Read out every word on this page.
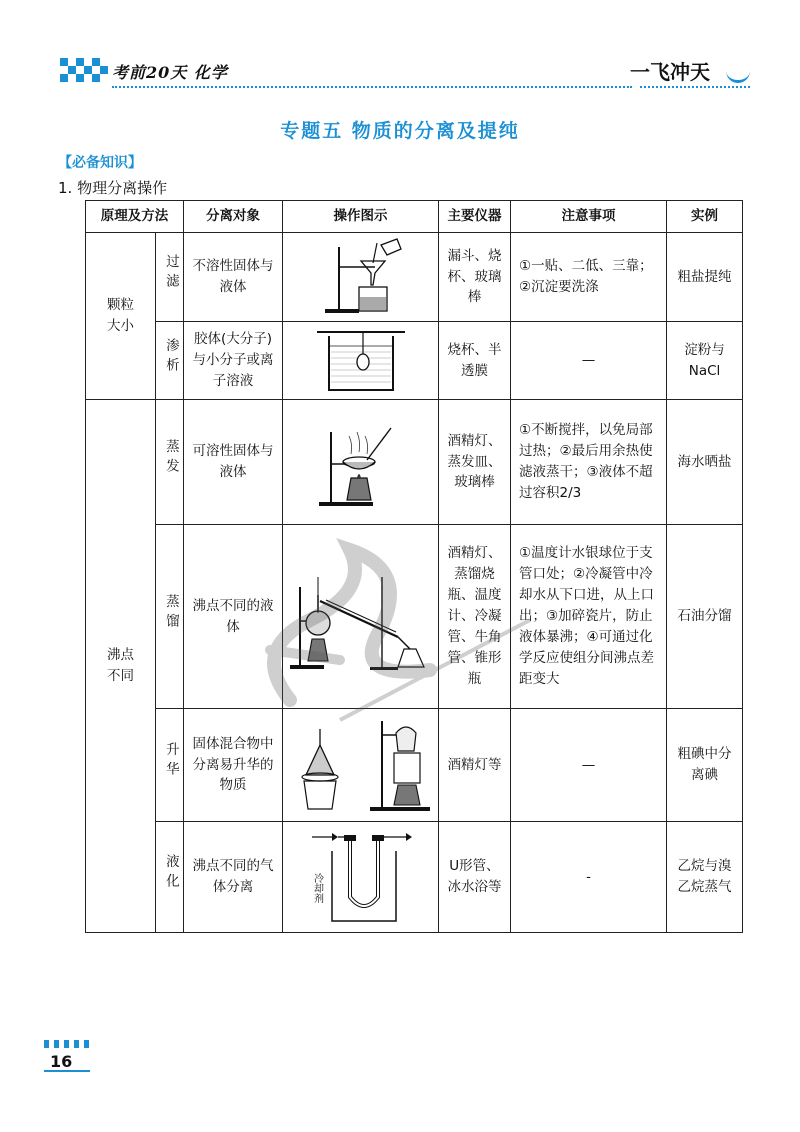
考前20天 化学	一飞冲天
专题五 物质的分离及提纯
【必备知识】
1. 物理分离操作
原理及方法		分离对象	操作图示	主要仪器	注意事项	实例
颗粒大小	过滤	不溶性固体与液体		漏斗、烧杯、玻璃棒	①一贴、二低、三靠；②沉淀要洗涤	粗盐提纯
	渗析	胶体(大分子)与小分子或离子溶液		烧杯、半透膜	—	淀粉与NaCl
沸点不同	蒸发	可溶性固体与液体		酒精灯、蒸发皿、玻璃棒	①不断搅拌，以免局部过热；②最后用余热使滤液蒸干；③液体不超过容积2/3	海水晒盐
	蒸馏	沸点不同的液体		酒精灯、蒸馏烧瓶、温度计、冷凝管、牛角管、锥形瓶	①温度计水银球位于支管口处；②冷凝管中冷却水从下口进，从上口出；③加碎瓷片，防止液体暴沸；④可通过化学反应使组分间沸点差距变大	石油分馏
	升华	固体混合物中分离易升华的物质		酒精灯等	—	粗碘中分离碘
	液化	沸点不同的气体分离	冷却剂	U形管、冰水浴等	-	乙烷与溴乙烷蒸气
16
